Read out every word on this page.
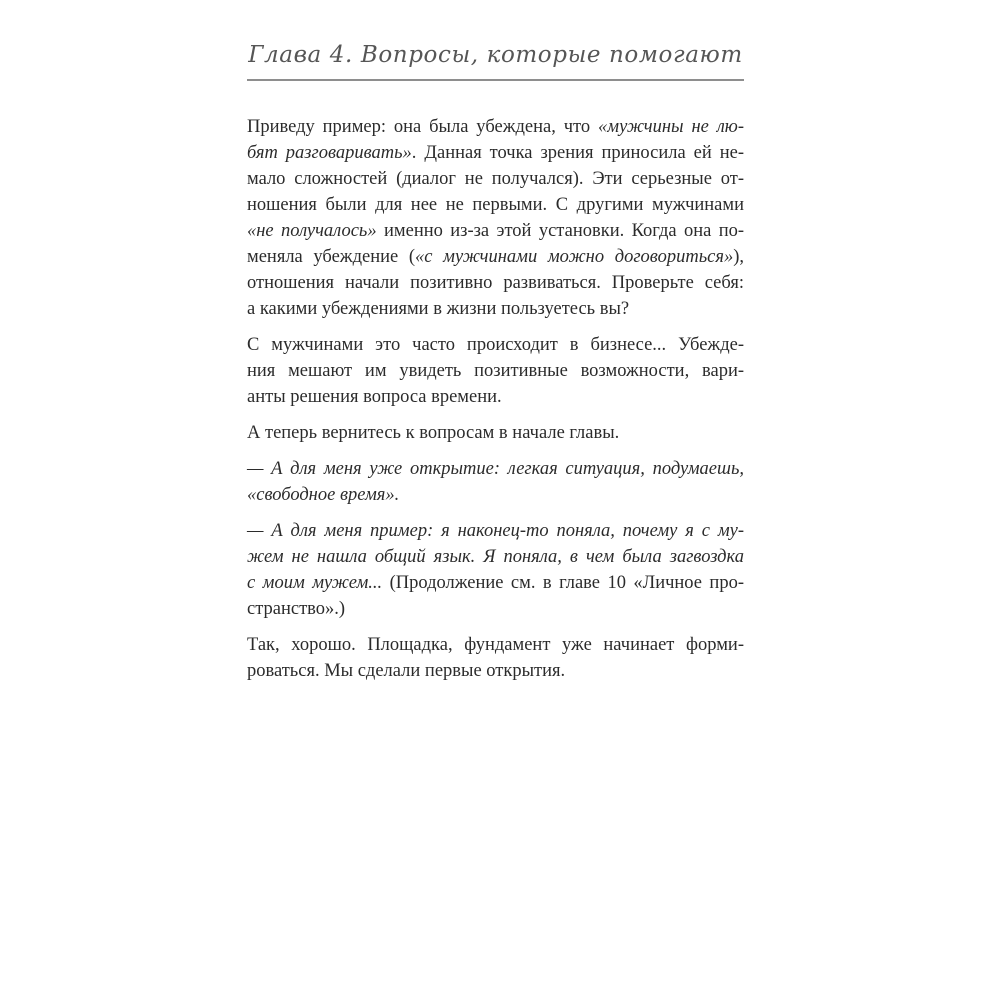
Глава 4. Вопросы, которые помогают
Приведу пример: она была убеждена, что «мужчины не лю-
бят разговаривать». Данная точка зрения приносила ей не-
мало сложностей (диалог не получался). Эти серьезные от-
ношения были для нее не первыми. С другими мужчинами
«не получалось» именно из-за этой установки. Когда она по-
меняла убеждение («с мужчинами можно договориться»),
отношения начали позитивно развиваться. Проверьте себя:
а какими убеждениями в жизни пользуетесь вы?
С мужчинами это часто происходит в бизнесе... Убежде-
ния мешают им увидеть позитивные возможности, вари-
анты решения вопроса времени.
А теперь вернитесь к вопросам в начале главы.
— А для меня уже открытие: легкая ситуация, подумаешь,
«свободное время».
— А для меня пример: я наконец-то поняла, почему я с му-
жем не нашла общий язык. Я поняла, в чем была загвоздка
с моим мужем... (Продолжение см. в главе 10 «Личное про-
странство».)
Так, хорошо. Площадка, фундамент уже начинает форми-
роваться. Мы сделали первые открытия.
